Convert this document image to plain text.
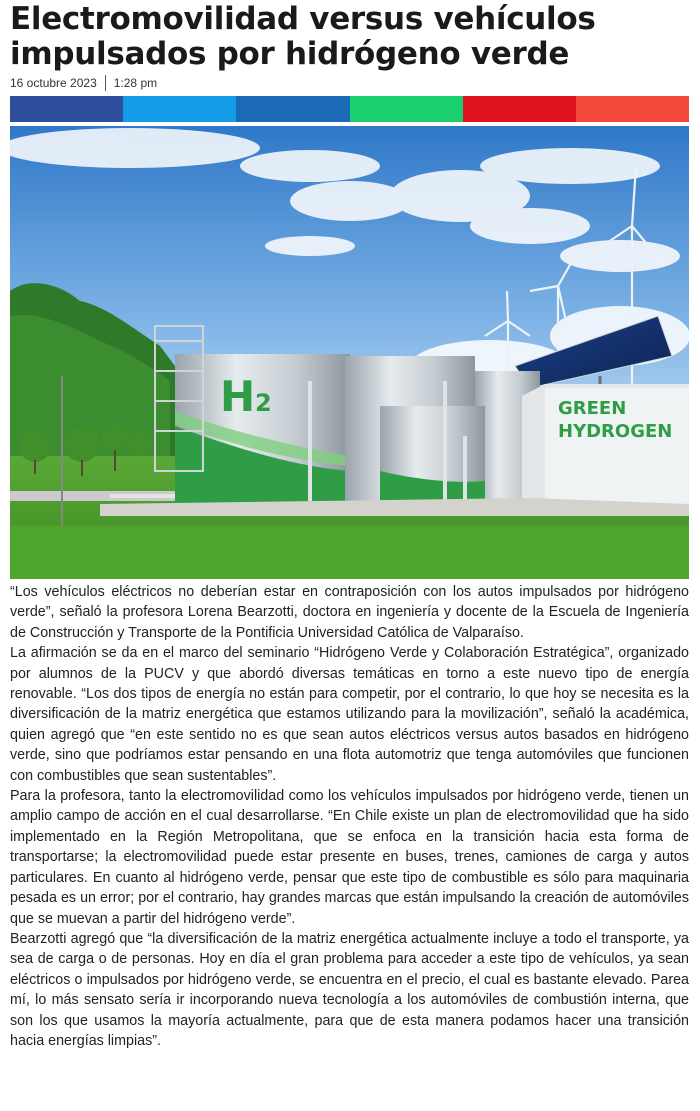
Electromovilidad versus vehículos impulsados por hidrógeno verde
16 octubre 2023 1:28 pm
H 2	GREEN
HYDROGEN

“Los vehículos eléctricos no deberían estar en contraposición con los autos impulsados por hidrógeno verde”, señaló la profesora Lorena Bearzotti, doctora en ingeniería y docente de la Escuela de Ingeniería de Construcción y Transporte de la Pontificia Universidad Católica de Valparaíso.

La afirmación se da en el marco del seminario “Hidrógeno Verde y Colaboración Estratégica”, organizado por alumnos de la PUCV y que abordó diversas temáticas en torno a este nuevo tipo de energía renovable. “Los dos tipos de energía no están para competir, por el contrario, lo que hoy se necesita es la diversificación de la matriz energética que estamos utilizando para la movilización”, señaló la académica, quien agregó que “en este sentido no es que sean autos eléctricos versus autos basados en hidrógeno verde, sino que podríamos estar pensando en una flota automotriz que tenga automóviles que funcionen con combustibles que sean sustentables”.

Para la profesora, tanto la electromovilidad como los vehículos impulsados por hidrógeno verde, tienen un amplio campo de acción en el cual desarrollarse. “En Chile existe un plan de electromovilidad que ha sido implementado en la Región Metropolitana, que se enfoca en la transición hacia esta forma de transportarse; la electromovilidad puede estar presente en buses, trenes, camiones de carga y autos particulares. En cuanto al hidrógeno verde, pensar que este tipo de combustible es sólo para maquinaria pesada es un error; por el contrario, hay grandes marcas que están impulsando la creación de automóviles que se muevan a partir del hidrógeno verde”.

Bearzotti agregó que “la diversificación de la matriz energética actualmente incluye a todo el transporte, ya sea de carga o de personas. Hoy en día el gran problema para acceder a este tipo de vehículos, ya sean eléctricos o impulsados por hidrógeno verde, se encuentra en el precio, el cual es bastante elevado. Parea mí, lo más sensato sería ir incorporando nueva tecnología a los automóviles de combustión interna, que son los que usamos la mayoría actualmente, para que de esta manera podamos hacer una transición hacia energías limpias”.
